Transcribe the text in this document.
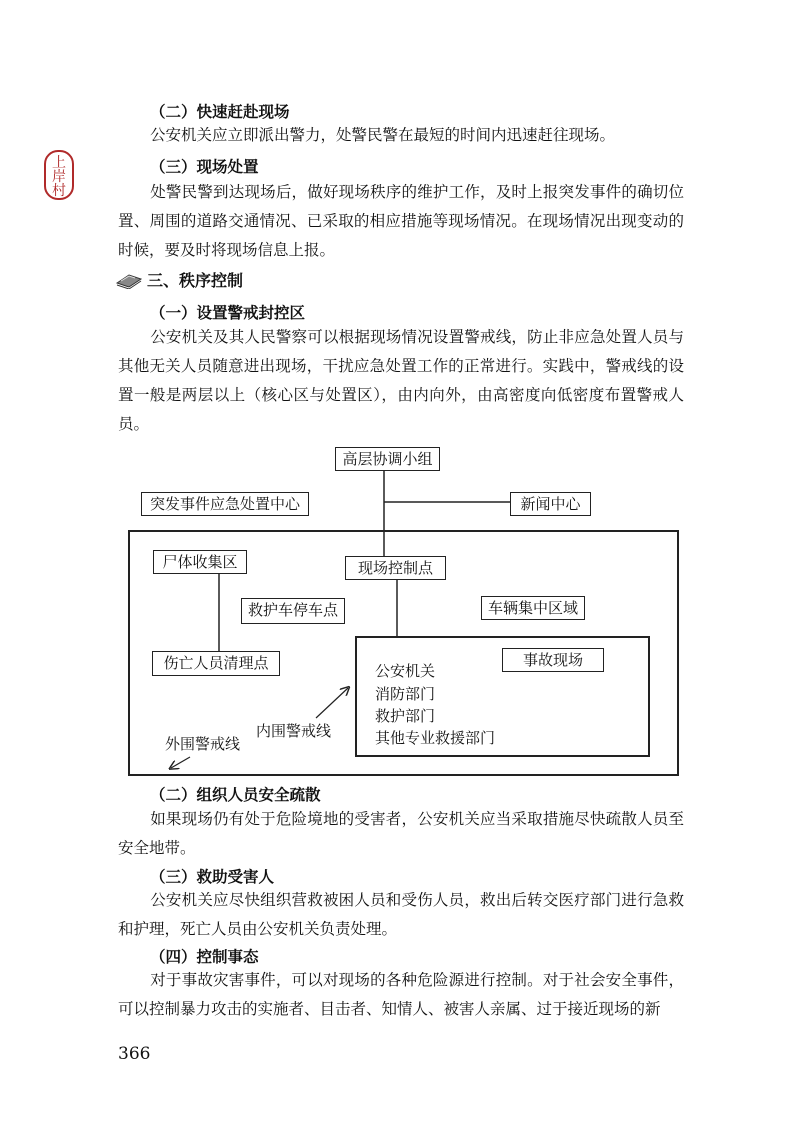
上
岸
村
（二）快速赶赴现场
公安机关应立即派出警力，处警民警在最短的时间内迅速赶往现场。
（三）现场处置
处警民警到达现场后，做好现场秩序的维护工作，及时上报突发事件的确切位置、周围的道路交通情况、已采取的相应措施等现场情况。在现场情况出现变动的时候，要及时将现场信息上报。
三、秩序控制
（一）设置警戒封控区
公安机关及其人民警察可以根据现场情况设置警戒线，防止非应急处置人员与其他无关人员随意进出现场，干扰应急处置工作的正常进行。实践中，警戒线的设置一般是两层以上（核心区与处置区），由内向外，由高密度向低密度布置警戒人员。
高层协调小组
突发事件应急处置中心	新闻中心
尸体收集区	现场控制点
救护车停车点	车辆集中区域
伤亡人员清理点	事故现场
公安机关
消防部门
救护部门
其他专业救援部门
内围警戒线
外围警戒线
（二）组织人员安全疏散
如果现场仍有处于危险境地的受害者，公安机关应当采取措施尽快疏散人员至安全地带。
（三）救助受害人
公安机关应尽快组织营救被困人员和受伤人员，救出后转交医疗部门进行急救和护理，死亡人员由公安机关负责处理。
（四）控制事态
对于事故灾害事件，可以对现场的各种危险源进行控制。对于社会安全事件，可以控制暴力攻击的实施者、目击者、知情人、被害人亲属、过于接近现场的新
366
